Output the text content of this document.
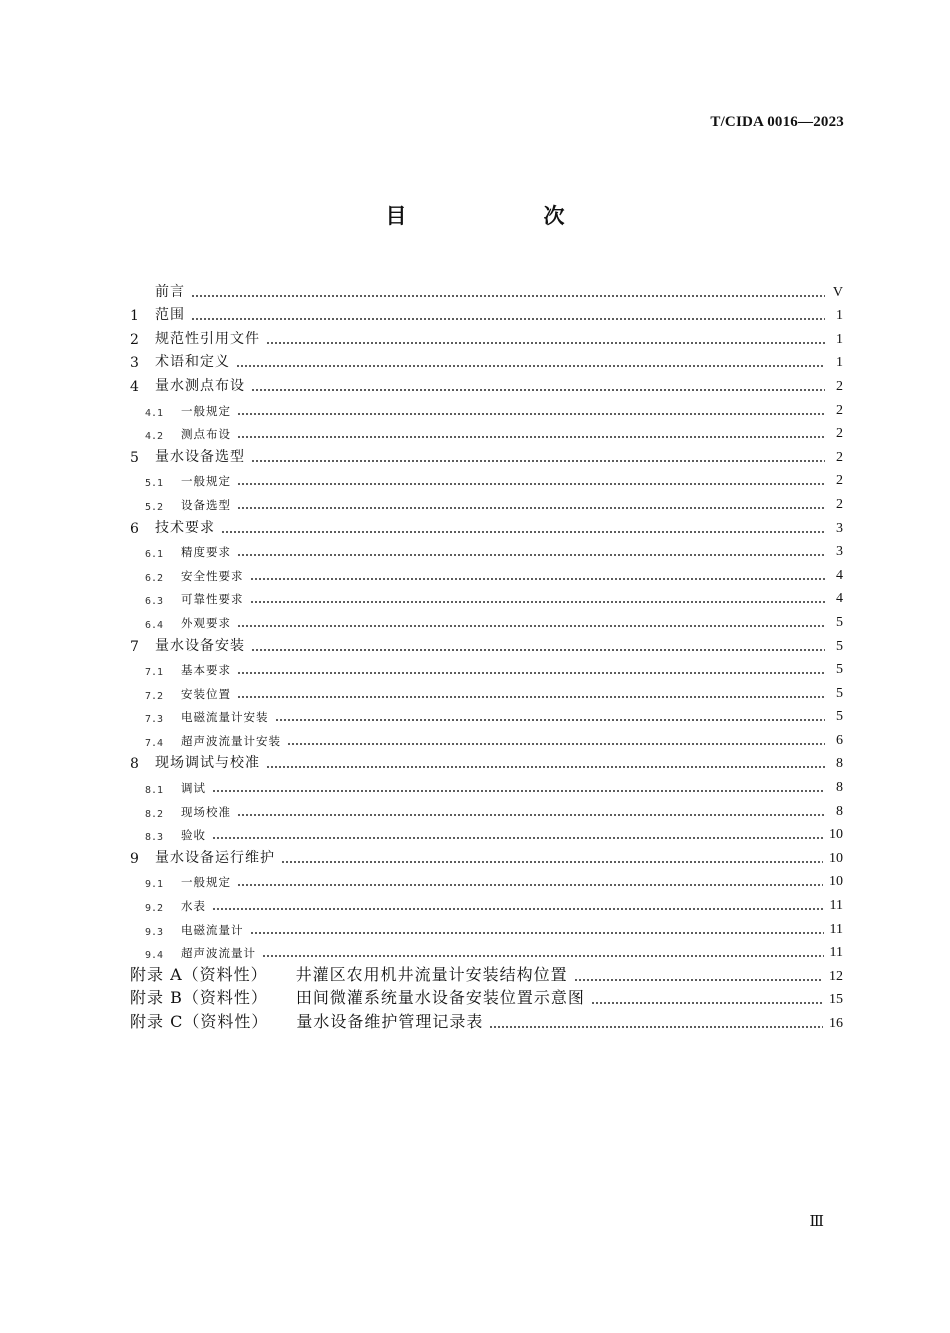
T/CIDA 0016—2023
目　次
前言	V
1	范围	1
2	规范性引用文件	1
3	术语和定义	1
4	量水测点布设	2
4.1	一般规定	2
4.2	测点布设	2
5	量水设备选型	2
5.1	一般规定	2
5.2	设备选型	2
6	技术要求	3
6.1	精度要求	3
6.2	安全性要求	4
6.3	可靠性要求	4
6.4	外观要求	5
7	量水设备安装	5
7.1	基本要求	5
7.2	安装位置	5
7.3	电磁流量计安装	5
7.4	超声波流量计安装	6
8	现场调试与校准	8
8.1	调试	8
8.2	现场校准	8
8.3	验收	10
9	量水设备运行维护	10
9.1	一般规定	10
9.2	水表	11
9.3	电磁流量计	11
9.4	超声波流量计	11
附录 A（资料性）	井灌区农用机井流量计安装结构位置	12
附录 B（资料性）	田间微灌系统量水设备安装位置示意图	15
附录 C（资料性）	量水设备维护管理记录表	16
Ⅲ
